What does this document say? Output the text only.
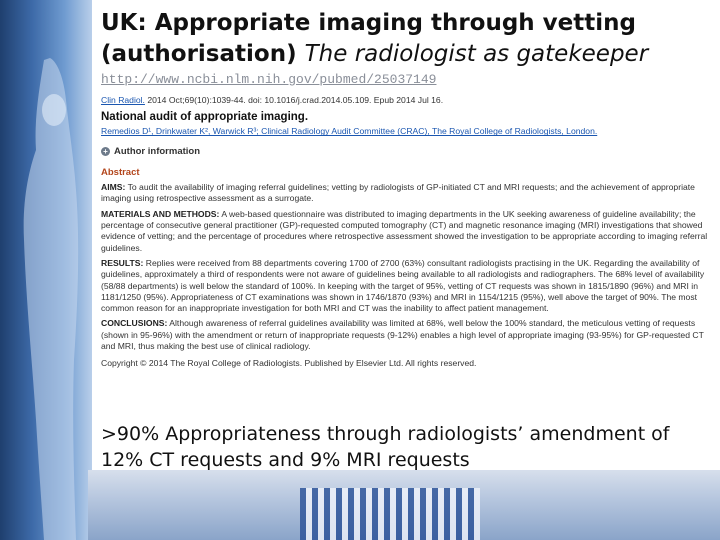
UK: Appropriate imaging through vetting
(authorisation) The radiologist as gatekeeper
http://www.ncbi.nlm.nih.gov/pubmed/25037149
Clin Radiol. 2014 Oct;69(10):1039-44. doi: 10.1016/j.crad.2014.05.109. Epub 2014 Jul 16.
National audit of appropriate imaging.
Remedios D¹, Drinkwater K², Warwick R³; Clinical Radiology Audit Committee (CRAC), The Royal College of Radiologists, London.
+ Author information
Abstract
AIMS: To audit the availability of imaging referral guidelines; vetting by radiologists of GP-initiated CT and MRI requests; and the achievement of appropriate imaging using retrospective assessment as a surrogate.
MATERIALS AND METHODS: A web-based questionnaire was distributed to imaging departments in the UK seeking awareness of guideline availability; the percentage of consecutive general practitioner (GP)-requested computed tomography (CT) and magnetic resonance imaging (MRI) investigations that showed evidence of vetting; and the percentage of procedures where retrospective assessment showed the investigation to be appropriate according to imaging referral guidelines.
RESULTS: Replies were received from 88 departments covering 1700 of 2700 (63%) consultant radiologists practising in the UK. Regarding the availability of guidelines, approximately a third of respondents were not aware of guidelines being available to all radiologists and radiographers. The 68% level of availability (58/88 departments) is well below the standard of 100%. In keeping with the target of 95%, vetting of CT requests was shown in 1815/1890 (96%) and MRI in 1181/1250 (95%). Appropriateness of CT examinations was shown in 1746/1870 (93%) and MRI in 1154/1215 (95%), well above the target of 90%. The most common reason for an inappropriate investigation for both MRI and CT was the inability to affect patient management.
CONCLUSIONS: Although awareness of referral guidelines availability was limited at 68%, well below the 100% standard, the meticulous vetting of requests (shown in 95-96%) with the amendment or return of inappropriate requests (9-12%) enables a high level of appropriate imaging (93-95%) for GP-requested CT and MRI, thus making the best use of clinical radiology.
Copyright © 2014 The Royal College of Radiologists. Published by Elsevier Ltd. All rights reserved.
>90% Appropriateness through radiologists’ amendment of 12% CT requests and 9% MRI requests
